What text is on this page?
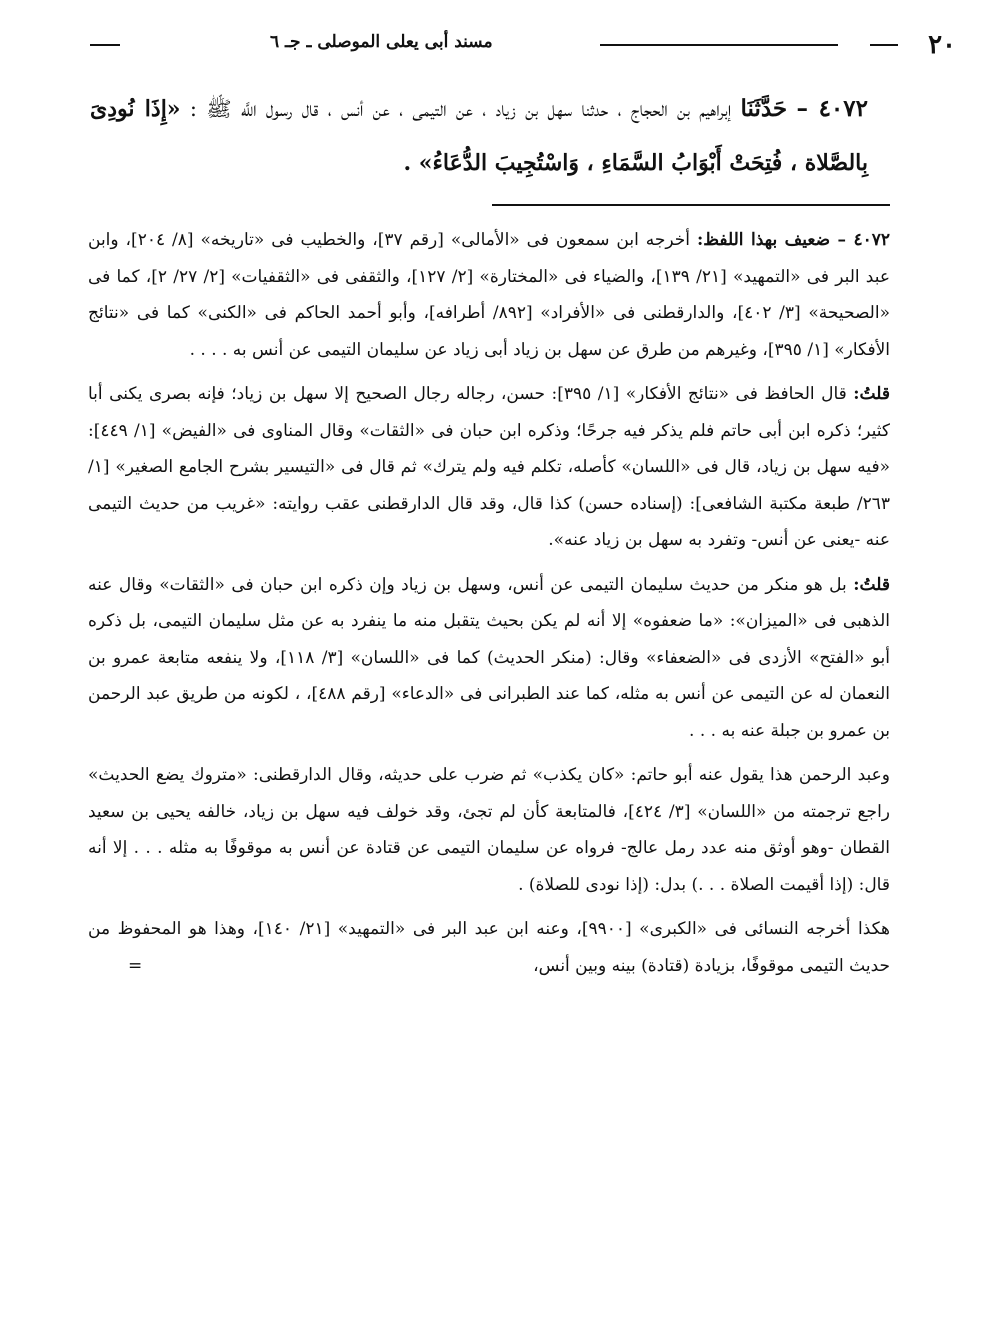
٢٠
مسند أبى يعلى الموصلى ـ جـ ٦
٤٠٧٢ – حَدَّثَنَا إبراهيم بن الحجاج ، حدثنا سهل بن زياد ، عن التيمى ، عن أنس ، قال رسول اللَّه ﷺ : «إِذَا نُودِىَ بِالصَّلاة ، فُتِحَتْ أَبْوَابُ السَّمَاءِ ، وَاسْتُجِيبَ الدُّعَاءُ» .

٤٠٧٢ – ضعيف بهذا اللفظ: أخرجه ابن سمعون فى «الأمالى» [رقم ٣٧]، والخطيب فى «تاريخه» [٨/ ٢٠٤]، وابن عبد البر فى «التمهيد» [٢١/ ١٣٩]، والضياء فى «المختارة» [٢/ ١٢٧]، والثقفى فى «الثقفيات» [٢/ ٢٧/ ٢]، كما فى «الصحيحة» [٣/ ٤٠٢]، والدارقطنى فى «الأفراد» [٨٩٢/ أطرافه]، وأبو أحمد الحاكم فى «الكنى» كما فى «نتائج الأفكار» [١/ ٣٩٥]، وغيرهم من طرق عن سهل بن زياد أبى زياد عن سليمان التيمى عن أنس به . . . .

قلتُ: قال الحافظ فى «نتائج الأفكار» [١/ ٣٩٥]: حسن، رجاله رجال الصحيح إلا سهل بن زياد؛ فإنه بصرى يكنى أبا كثير؛ ذكره ابن أبى حاتم فلم يذكر فيه جرحًا؛ وذكره ابن حبان فى «الثقات» وقال المناوى فى «الفيض» [١/ ٤٤٩]: «فيه سهل بن زياد، قال فى «اللسان» كأصله، تكلم فيه ولم يترك» ثم قال فى «التيسير بشرح الجامع الصغير» [١/ ٢٦٣/ طبعة مكتبة الشافعى]: (إسناده حسن) كذا قال، وقد قال الدارقطنى عقب روايته: «غريب من حديث التيمى عنه -يعنى عن أنس- وتفرد به سهل بن زياد عنه».

قلتُ: بل هو منكر من حديث سليمان التيمى عن أنس، وسهل بن زياد وإن ذكره ابن حبان فى «الثقات» وقال عنه الذهبى فى «الميزان»: «ما ضعفوه» إلا أنه لم يكن بحيث يتقبل منه ما ينفرد به عن مثل سليمان التيمى، بل ذكره أبو «الفتح» الأزدى فى «الضعفاء» وقال: (منكر الحديث) كما فى «اللسان» [٣/ ١١٨]، ولا ينفعه متابعة عمرو بن النعمان له عن التيمى عن أنس به مثله، كما عند الطبرانى فى «الدعاء» [رقم ٤٨٨]، ، لكونه من طريق عبد الرحمن بن عمرو بن جبلة عنه به . . .

وعبد الرحمن هذا يقول عنه أبو حاتم: «كان يكذب» ثم ضرب على حديثه، وقال الدارقطنى: «متروك يضع الحديث» راجع ترجمته من «اللسان» [٣/ ٤٢٤]، فالمتابعة كأن لم تجئ، وقد خولف فيه سهل بن زياد، خالفه يحيى بن سعيد القطان -وهو أوثق منه عدد رمل عالج- فرواه عن سليمان التيمى عن قتادة عن أنس به موقوفًا به مثله . . . إلا أنه قال: (إذا أقيمت الصلاة . . .) بدل: (إذا نودى للصلاة) .

هكذا أخرجه النسائى فى «الكبرى» [٩٩٠٠]، وعنه ابن عبد البر فى «التمهيد» [٢١/ ١٤٠]، وهذا هو المحفوظ من حديث التيمى موقوفًا، بزيادة (قتادة) بينه وبين أنس،
=
